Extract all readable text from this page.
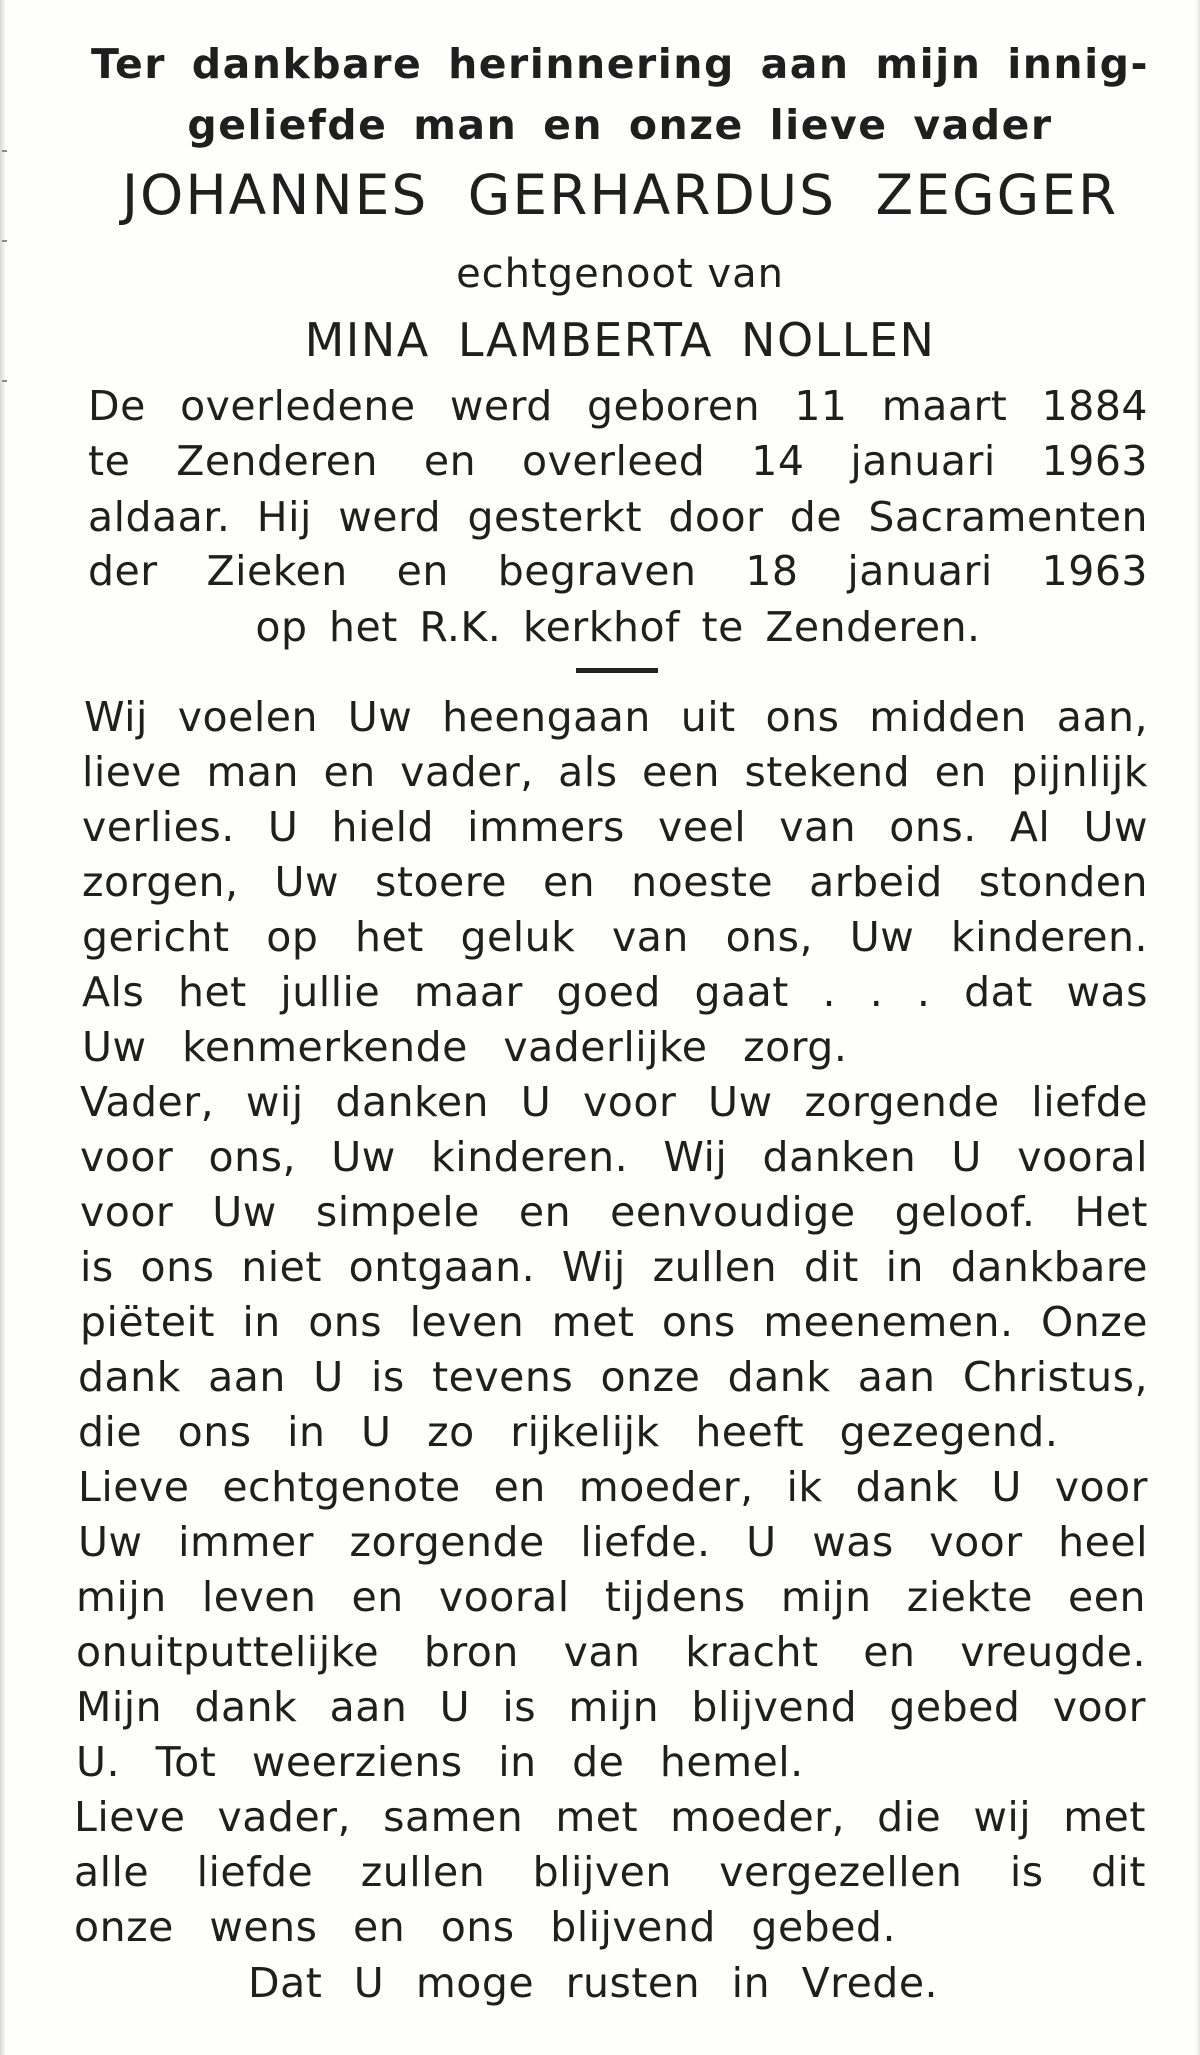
Ter dankbare herinnering aan mijn innig-
geliefde man en onze lieve vader
JOHANNES GERHARDUS ZEGGER
echtgenoot van
MINA LAMBERTA NOLLEN
De overledene werd geboren 11 maart 1884
te Zenderen en overleed 14 januari 1963
aldaar. Hij werd gesterkt door de Sacramenten
der Zieken en begraven 18 januari 1963
op het R.K. kerkhof te Zenderen.
Wij voelen Uw heengaan uit ons midden aan,
lieve man en vader, als een stekend en pijnlijk
verlies. U hield immers veel van ons. Al Uw
zorgen, Uw stoere en noeste arbeid stonden
gericht op het geluk van ons, Uw kinderen.
Als het jullie maar goed gaat . . . dat was
Uw kenmerkende vaderlijke zorg.
Vader, wij danken U voor Uw zorgende liefde
voor ons, Uw kinderen. Wij danken U vooral
voor Uw simpele en eenvoudige geloof. Het
is ons niet ontgaan. Wij zullen dit in dankbare
piëteit in ons leven met ons meenemen. Onze
dank aan U is tevens onze dank aan Christus,
die ons in U zo rijkelijk heeft gezegend.
Lieve echtgenote en moeder, ik dank U voor
Uw immer zorgende liefde. U was voor heel
mijn leven en vooral tijdens mijn ziekte een
onuitputtelijke bron van kracht en vreugde.
Mijn dank aan U is mijn blijvend gebed voor
U. Tot weerziens in de hemel.
Lieve vader, samen met moeder, die wij met
alle liefde zullen blijven vergezellen is dit
onze wens en ons blijvend gebed.
Dat U moge rusten in Vrede.
